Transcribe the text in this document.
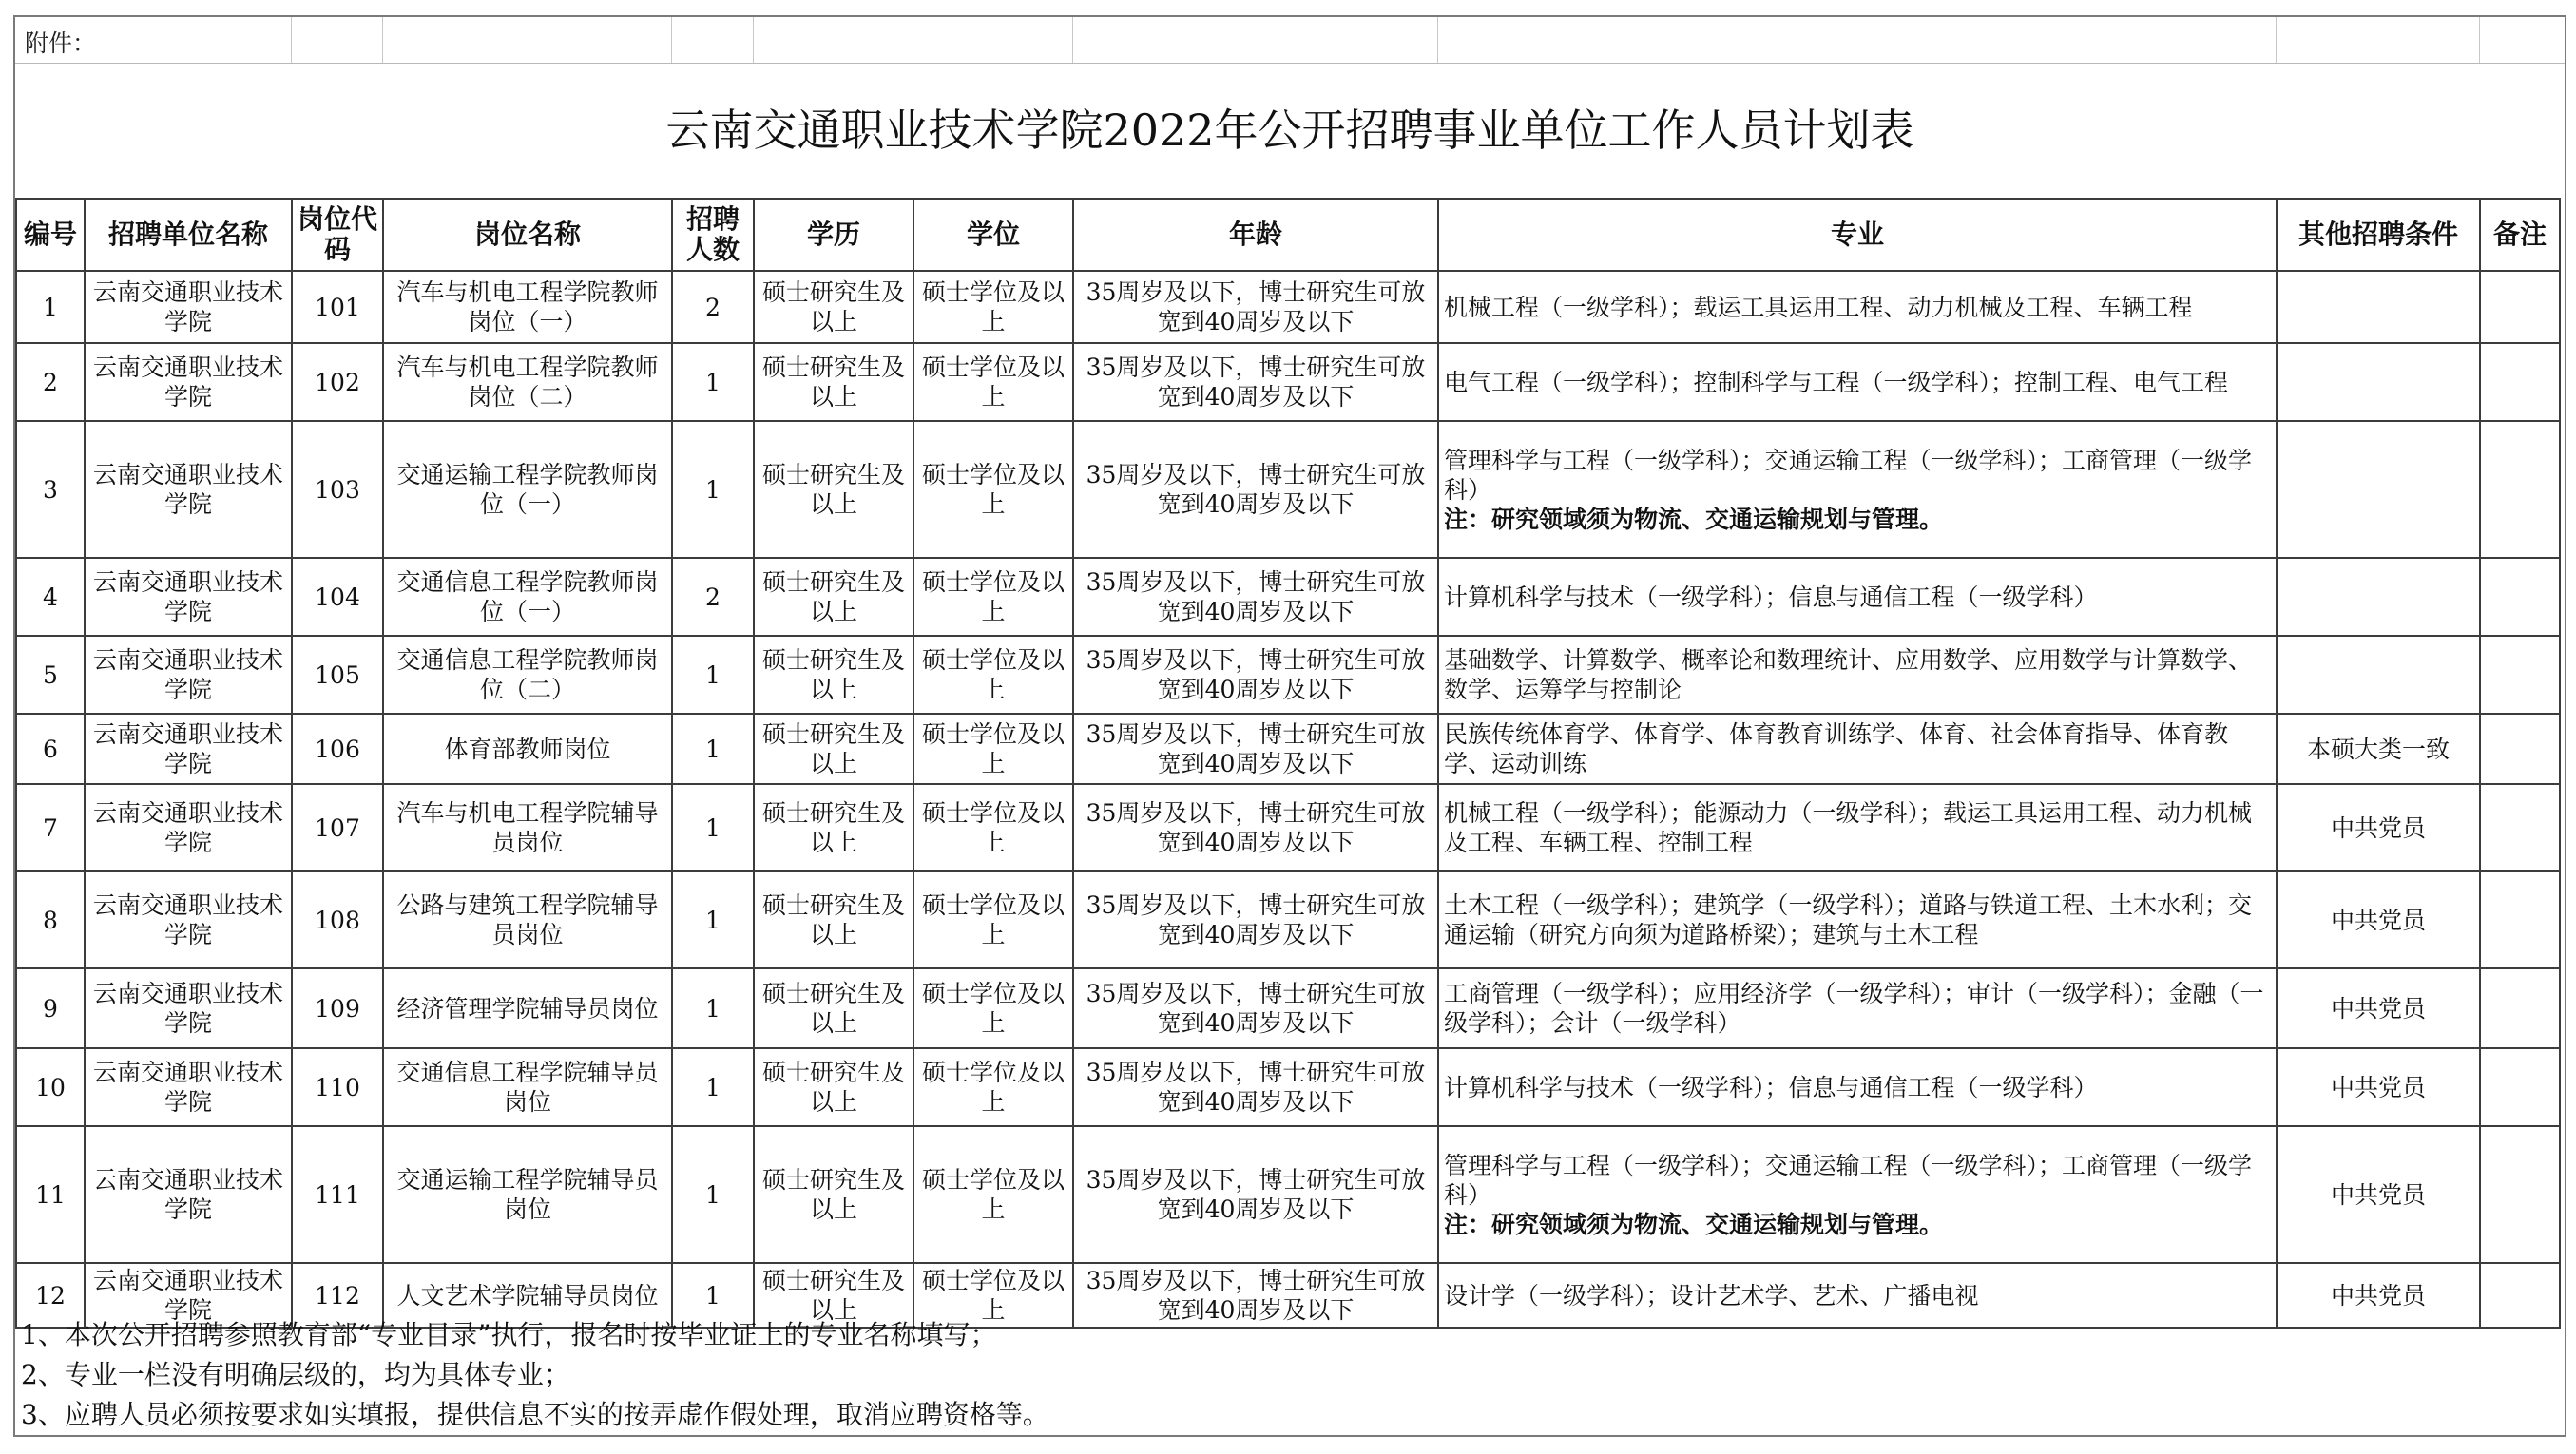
附件：
云南交通职业技术学院2022年公开招聘事业单位工作人员计划表
编号	招聘单位名称	岗位代码	岗位名称	招聘人数	学历	学位	年龄	专业	其他招聘条件	备注
1	云南交通职业技术学院	101	汽车与机电工程学院教师岗位（一）	2	硕士研究生及以上	硕士学位及以上	35周岁及以下，博士研究生可放宽到40周岁及以下	机械工程（一级学科）；载运工具运用工程、动力机械及工程、车辆工程		

2	云南交通职业技术学院	102	汽车与机电工程学院教师岗位（二）	1	硕士研究生及以上	硕士学位及以上	35周岁及以下，博士研究生可放宽到40周岁及以下	电气工程（一级学科）；控制科学与工程（一级学科）；控制工程、电气工程		

3	云南交通职业技术学院	103	交通运输工程学院教师岗位（一）	1	硕士研究生及以上	硕士学位及以上	35周岁及以下，博士研究生可放宽到40周岁及以下	管理科学与工程（一级学科）；交通运输工程（一级学科）；工商管理（一级学科）
注：研究领域须为物流、交通运输规划与管理。		

4	云南交通职业技术学院	104	交通信息工程学院教师岗位（一）	2	硕士研究生及以上	硕士学位及以上	35周岁及以下，博士研究生可放宽到40周岁及以下	计算机科学与技术（一级学科）；信息与通信工程（一级学科）		

5	云南交通职业技术学院	105	交通信息工程学院教师岗位（二）	1	硕士研究生及以上	硕士学位及以上	35周岁及以下，博士研究生可放宽到40周岁及以下	基础数学、计算数学、概率论和数理统计、应用数学、应用数学与计算数学、数学、运筹学与控制论		

6	云南交通职业技术学院	106	体育部教师岗位	1	硕士研究生及以上	硕士学位及以上	35周岁及以下，博士研究生可放宽到40周岁及以下	民族传统体育学、体育学、体育教育训练学、体育、社会体育指导、体育教学、运动训练	本硕大类一致	
7	云南交通职业技术学院	107	汽车与机电工程学院辅导员岗位	1	硕士研究生及以上	硕士学位及以上	35周岁及以下，博士研究生可放宽到40周岁及以下	机械工程（一级学科）；能源动力（一级学科）；载运工具运用工程、动力机械及工程、车辆工程、控制工程	中共党员	
8	云南交通职业技术学院	108	公路与建筑工程学院辅导员岗位	1	硕士研究生及以上	硕士学位及以上	35周岁及以下，博士研究生可放宽到40周岁及以下	土木工程（一级学科）；建筑学（一级学科）；道路与铁道工程、土木水利；交通运输（研究方向须为道路桥梁）；建筑与土木工程	中共党员	
9	云南交通职业技术学院	109	经济管理学院辅导员岗位	1	硕士研究生及以上	硕士学位及以上	35周岁及以下，博士研究生可放宽到40周岁及以下	工商管理（一级学科）；应用经济学（一级学科）；审计（一级学科）；金融（一级学科）；会计（一级学科）	中共党员	
10	云南交通职业技术学院	110	交通信息工程学院辅导员岗位	1	硕士研究生及以上	硕士学位及以上	35周岁及以下，博士研究生可放宽到40周岁及以下	计算机科学与技术（一级学科）；信息与通信工程（一级学科）	中共党员	
11	云南交通职业技术学院	111	交通运输工程学院辅导员岗位	1	硕士研究生及以上	硕士学位及以上	35周岁及以下，博士研究生可放宽到40周岁及以下	管理科学与工程（一级学科）；交通运输工程（一级学科）；工商管理（一级学科）
注：研究领域须为物流、交通运输规划与管理。	中共党员	
12	云南交通职业技术学院	112	人文艺术学院辅导员岗位	1	硕士研究生及以上	硕士学位及以上	35周岁及以下，博士研究生可放宽到40周岁及以下	设计学（一级学科）；设计艺术学、艺术、广播电视	中共党员	
1、本次公开招聘参照教育部“专业目录”执行，报名时按毕业证上的专业名称填写；
2、专业一栏没有明确层级的，均为具体专业；
3、应聘人员必须按要求如实填报，提供信息不实的按弄虚作假处理，取消应聘资格等。
